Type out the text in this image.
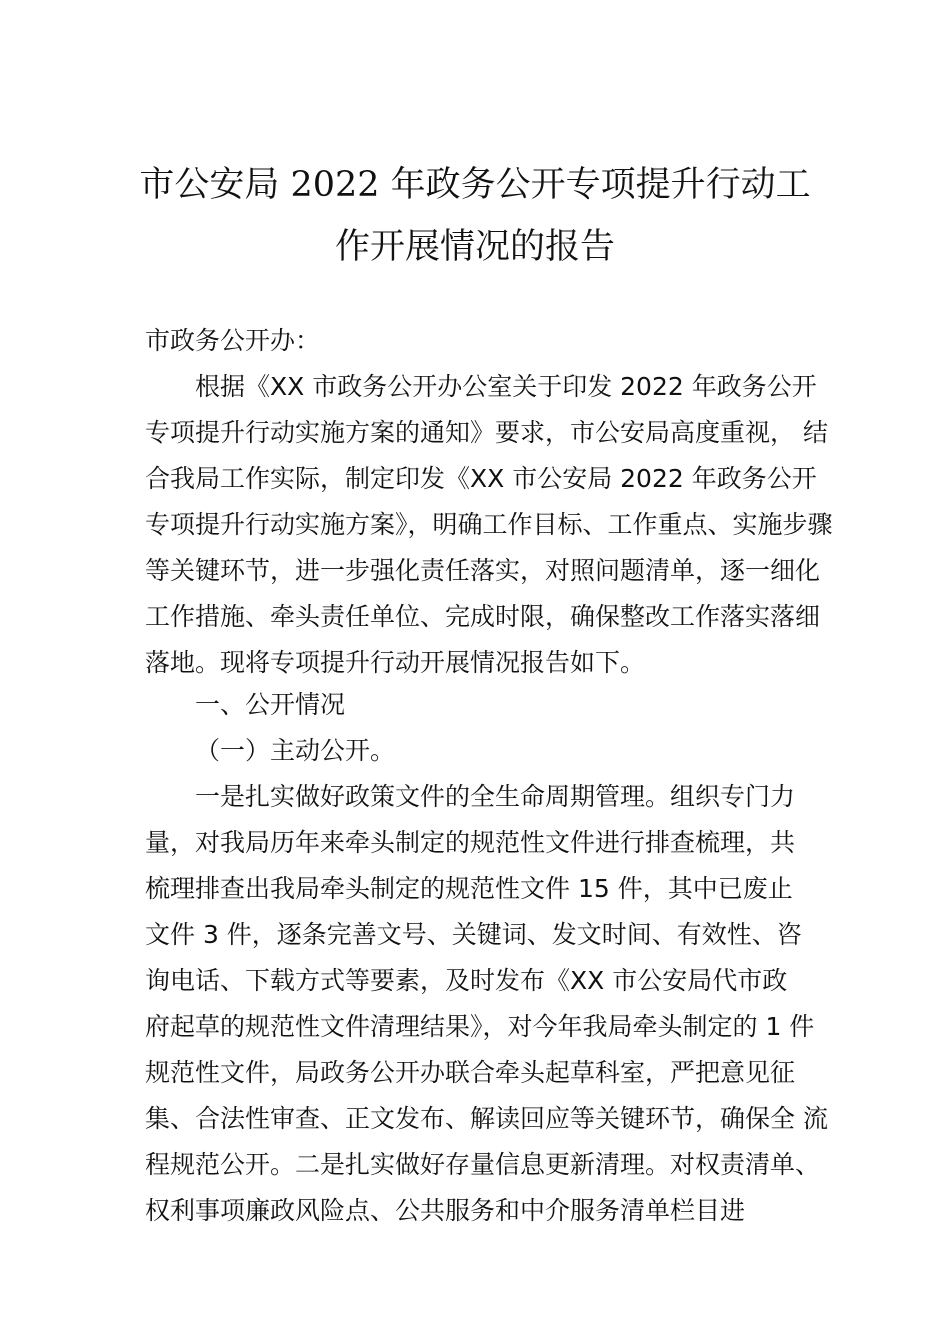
市公安局 2022 年政务公开专项提升行动工
作开展情况的报告
市政务公开办：
根据《XX 市政务公开办公室关于印发 2022 年政务公开
专项提升行动实施方案的通知》要求，市公安局高度重视， 结
合我局工作实际，制定印发《XX 市公安局 2022 年政务公开
专项提升行动实施方案》，明确工作目标、工作重点、实施步骤
等关键环节，进一步强化责任落实，对照问题清单，逐一细化
工作措施、牵头责任单位、完成时限，确保整改工作落实落细
落地。现将专项提升行动开展情况报告如下。
一、公开情况
（一）主动公开。
一是扎实做好政策文件的全生命周期管理。组织专门力
量，对我局历年来牵头制定的规范性文件进行排查梳理，共
梳理排查出我局牵头制定的规范性文件 15 件，其中已废止
文件 3 件，逐条完善文号、关键词、发文时间、有效性、咨
询电话、下载方式等要素，及时发布《XX 市公安局代市政
府起草的规范性文件清理结果》，对今年我局牵头制定的 1 件
规范性文件，局政务公开办联合牵头起草科室，严把意见征
集、合法性审查、正文发布、解读回应等关键环节，确保全 流
程规范公开。二是扎实做好存量信息更新清理。对权责清单、
权利事项廉政风险点、公共服务和中介服务清单栏目进
